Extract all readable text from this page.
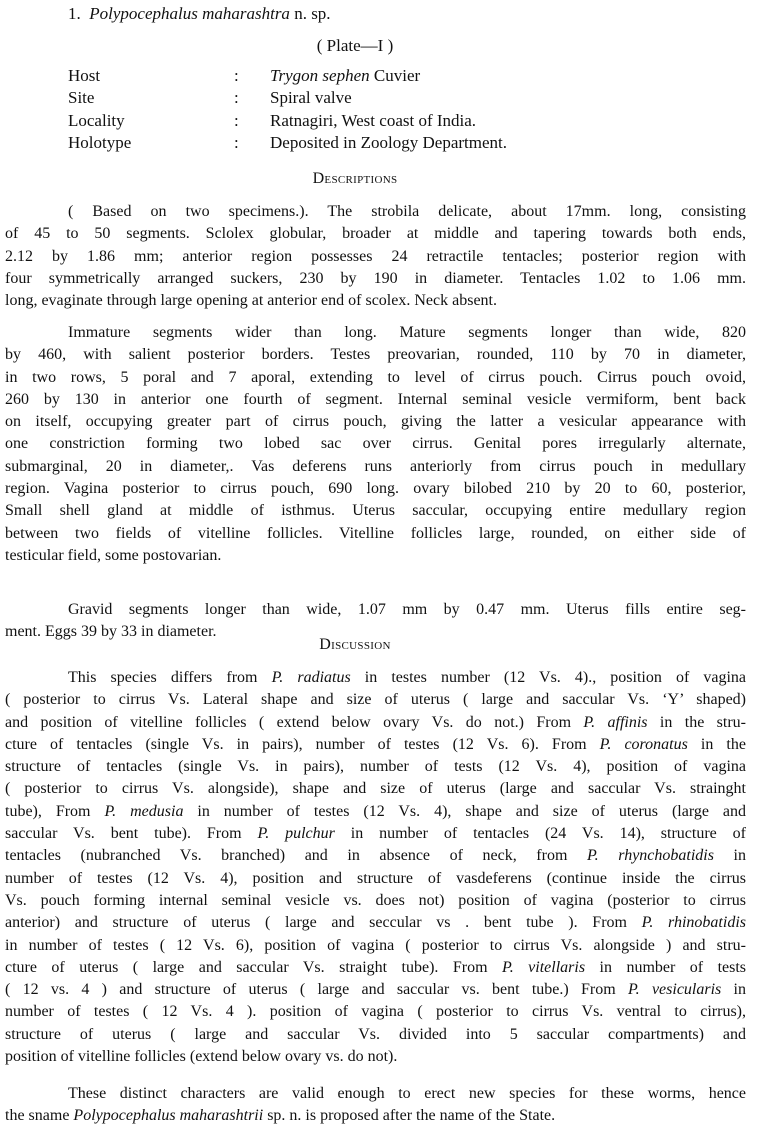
1. Polypocephalus maharashtra n. sp.
( Plate—I )
Host	: Trygon sephen Cuvier
Site	: Spiral valve
Locality	: Ratnagiri, West coast of India.
Holotype	: Deposited in Zoology Department.
Descriptions
( Based on two specimens.). The strobila delicate, about 17mm. long, consisting
of 45 to 50 segments. Sclolex globular, broader at middle and tapering towards both ends,
2.12 by 1.86 mm; anterior region possesses 24 retractile tentacles; posterior region with
four symmetrically arranged suckers, 230 by 190 in diameter. Tentacles 1.02 to 1.06 mm.
long, evaginate through large opening at anterior end of scolex. Neck absent.
Immature segments wider than long. Mature segments longer than wide, 820
by 460, with salient posterior borders. Testes preovarian, rounded, 110 by 70 in diameter,
in two rows, 5 poral and 7 aporal, extending to level of cirrus pouch. Cirrus pouch ovoid,
260 by 130 in anterior one fourth of segment. Internal seminal vesicle vermiform, bent back
on itself, occupying greater part of cirrus pouch, giving the latter a vesicular appearance with
one constriction forming two lobed sac over cirrus. Genital pores irregularly alternate,
submarginal, 20 in diameter,. Vas deferens runs anteriorly from cirrus pouch in medullary
region. Vagina posterior to cirrus pouch, 690 long. ovary bilobed 210 by 20 to 60, posterior,
Small shell gland at middle of isthmus. Uterus saccular, occupying entire medullary region
between two fields of vitelline follicles. Vitelline follicles large, rounded, on either side of
testicular field, some postovarian.
Gravid segments longer than wide, 1.07 mm by 0.47 mm. Uterus fills entire seg-
ment. Eggs 39 by 33 in diameter.
Discussion
This species differs from P. radiatus in testes number (12 Vs. 4)., position of vagina
( posterior to cirrus Vs. Lateral shape and size of uterus ( large and saccular Vs. ‘Y’ shaped)
and position of vitelline follicles ( extend below ovary Vs. do not.) From P. affinis in the stru-
cture of tentacles (single Vs. in pairs), number of testes (12 Vs. 6). From P. coronatus in the
structure of tentacles (single Vs. in pairs), number of tests (12 Vs. 4), position of vagina
( posterior to cirrus Vs. alongside), shape and size of uterus (large and saccular Vs. strainght
tube), From P. medusia in number of testes (12 Vs. 4), shape and size of uterus (large and
saccular Vs. bent tube). From P. pulchur in number of tentacles (24 Vs. 14), structure of
tentacles (nubranched Vs. branched) and in absence of neck, from P. rhynchobatidis in
number of testes (12 Vs. 4), position and structure of vasdeferens (continue inside the cirrus
Vs. pouch forming internal seminal vesicle vs. does not) position of vagina (posterior to cirrus
anterior) and structure of uterus ( large and seccular vs . bent tube ). From P. rhinobatidis
in number of testes ( 12 Vs. 6), position of vagina ( posterior to cirrus Vs. alongside ) and stru-
cture of uterus ( large and saccular Vs. straight tube). From P. vitellaris in number of tests
( 12 vs. 4 ) and structure of uterus ( large and saccular vs. bent tube.) From P. vesicularis in
number of testes ( 12 Vs. 4 ). position of vagina ( posterior to cirrus Vs. ventral to cirrus),
structure of uterus ( large and saccular Vs. divided into 5 saccular compartments) and
position of vitelline follicles (extend below ovary vs. do not).
These distinct characters are valid enough to erect new species for these worms, hence
the sname Polypocephalus maharashtrii sp. n. is proposed after the name of the State.
